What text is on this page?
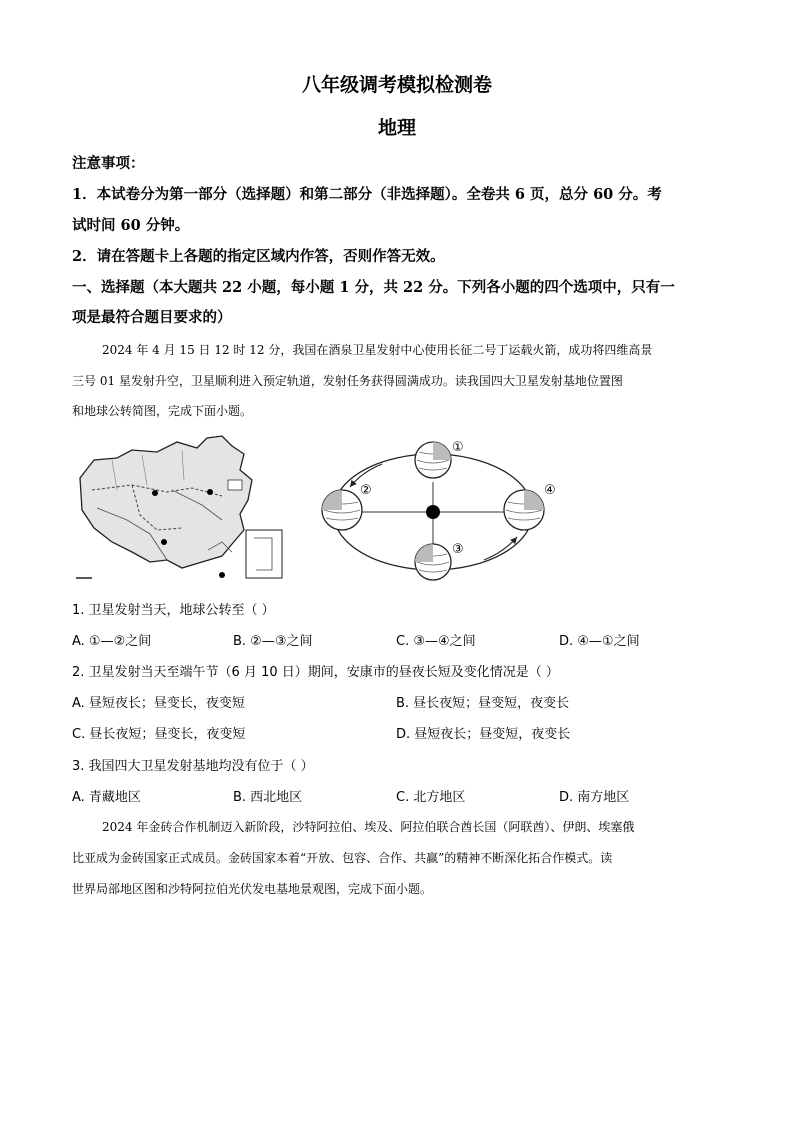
八年级调考模拟检测卷
地理
注意事项：
1．本试卷分为第一部分（选择题）和第二部分（非选择题）。全卷共 6 页，总分 60 分。考
试时间 60 分钟。
2．请在答题卡上各题的指定区域内作答，否则作答无效。
一、选择题（本大题共 22 小题，每小题 1 分，共 22 分。下列各小题的四个选项中，只有一
项是最符合题目要求的）
2024 年 4 月 15 日 12 时 12 分，我国在酒泉卫星发射中心使用长征二号丁运载火箭，成功将四维高景
三号 01 星发射升空，卫星顺利进入预定轨道，发射任务获得圆满成功。读我国四大卫星发射基地位置图
和地球公转简图，完成下面小题。
①
②
③
④
1. 卫星发射当天，地球公转至（ ）
A. ①—②之间	B. ②—③之间	C. ③—④之间	D. ④—①之间
2. 卫星发射当天至端午节（6 月 10 日）期间，安康市的昼夜长短及变化情况是（ ）
A. 昼短夜长；昼变长，夜变短	B. 昼长夜短；昼变短，夜变长
C. 昼长夜短；昼变长，夜变短	D. 昼短夜长；昼变短，夜变长
3. 我国四大卫星发射基地均没有位于（ ）
A. 青藏地区	B. 西北地区	C. 北方地区	D. 南方地区
2024 年金砖合作机制迈入新阶段，沙特阿拉伯、埃及、阿拉伯联合酋长国（阿联酋）、伊朗、埃塞俄
比亚成为金砖国家正式成员。金砖国家本着“开放、包容、合作、共赢”的精神不断深化拓合作模式。读
世界局部地区图和沙特阿拉伯光伏发电基地景观图，完成下面小题。
